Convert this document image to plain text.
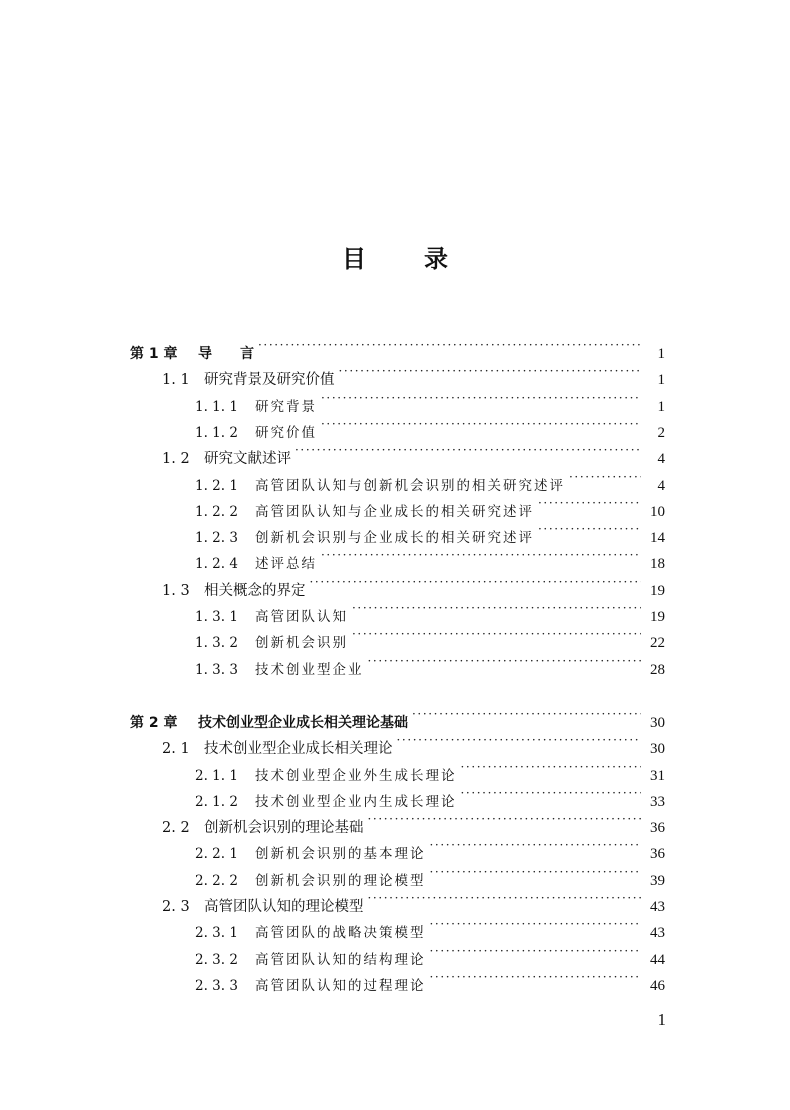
目 录
第 1 章	导　　言 ·····	1
1. 1 研究背景及研究价值 ·····	1
1. 1. 1	研究背景 ·····	1
1. 1. 2	研究价值 ·····	2
1. 2 研究文献述评 ·····	4
1. 2. 1	高管团队认知与创新机会识别的相关研究述评 ·····	4
1. 2. 2	高管团队认知与企业成长的相关研究述评 ·····	10
1. 2. 3	创新机会识别与企业成长的相关研究述评 ·····	14
1. 2. 4	述评总结 ·····	18
1. 3 相关概念的界定 ·····	19
1. 3. 1	高管团队认知 ·····	19
1. 3. 2	创新机会识别 ·····	22
1. 3. 3	技术创业型企业 ·····	28
第 2 章	技术创业型企业成长相关理论基础 ·····	30
2. 1 技术创业型企业成长相关理论 ·····	30
2. 1. 1	技术创业型企业外生成长理论 ·····	31
2. 1. 2	技术创业型企业内生成长理论 ·····	33
2. 2 创新机会识别的理论基础 ·····	36
2. 2. 1	创新机会识别的基本理论 ·····	36
2. 2. 2	创新机会识别的理论模型 ·····	39
2. 3 高管团队认知的理论模型 ·····	43
2. 3. 1	高管团队的战略决策模型 ·····	43
2. 3. 2	高管团队认知的结构理论 ·····	44
2. 3. 3	高管团队认知的过程理论 ·····	46
1
